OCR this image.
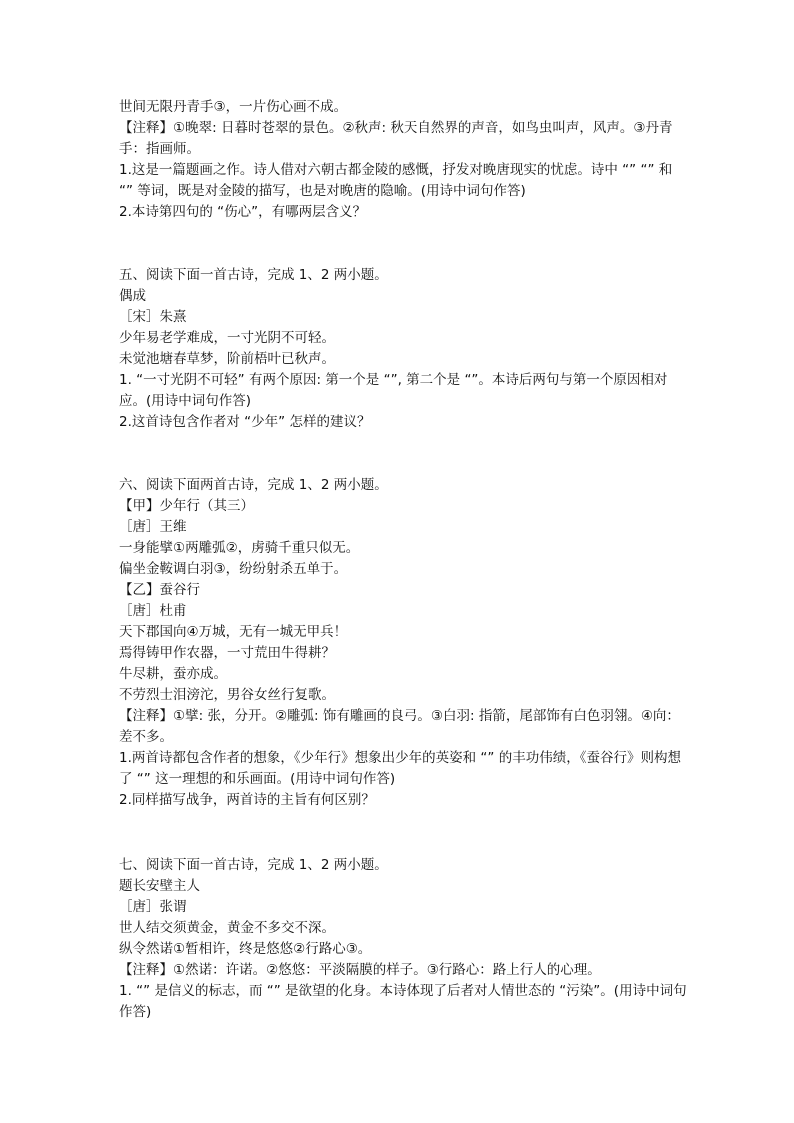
世间无限丹青手③，一片伤心画不成。
【注释】①晚翠: 日暮时苍翠的景色。②秋声: 秋天自然界的声音，如鸟虫叫声，风声。③丹青手：指画师。
1.这是一篇题画之作。诗人借对六朝古都金陵的感慨，抒发对晚唐现实的忧虑。诗中 “” “” 和 “” 等词，既是对金陵的描写，也是对晚唐的隐喻。(用诗中词句作答)
2.本诗第四句的 “伤心”，有哪两层含义？
五、阅读下面一首古诗，完成 1、2 两小题。
偶成
［宋］朱熹
少年易老学难成，一寸光阴不可轻。
未觉池塘春草梦，阶前梧叶已秋声。
1. “一寸光阴不可轻” 有两个原因: 第一个是 “”, 第二个是 “”。本诗后两句与第一个原因相对应。(用诗中词句作答)
2.这首诗包含作者对 “少年” 怎样的建议？
六、阅读下面两首古诗，完成 1、2 两小题。
【甲】少年行（其三）
［唐］王维
一身能擘①两雕弧②，虏骑千重只似无。
偏坐金鞍调白羽③，纷纷射杀五单于。
【乙】蚕谷行
［唐］杜甫
天下郡国向④万城，无有一城无甲兵！
焉得铸甲作农器，一寸荒田牛得耕？
牛尽耕，蚕亦成。
不劳烈士泪滂沱，男谷女丝行复歌。
【注释】①擘: 张，分开。②雕弧: 饰有雕画的良弓。③白羽: 指箭，尾部饰有白色羽翎。④向：差不多。
1.两首诗都包含作者的想象，《少年行》想象出少年的英姿和 “” 的丰功伟绩，《蚕谷行》则构想了 “” 这一理想的和乐画面。(用诗中词句作答)
2.同样描写战争，两首诗的主旨有何区别？
七、阅读下面一首古诗，完成 1、2 两小题。
题长安壁主人
［唐］张谓
世人结交须黄金，黄金不多交不深。
纵令然诺①暂相许，终是悠悠②行路心③。
【注释】①然诺：许诺。②悠悠：平淡隔膜的样子。③行路心：路上行人的心理。
1. “” 是信义的标志，而 “” 是欲望的化身。本诗体现了后者对人情世态的 “污染”。(用诗中词句作答)
